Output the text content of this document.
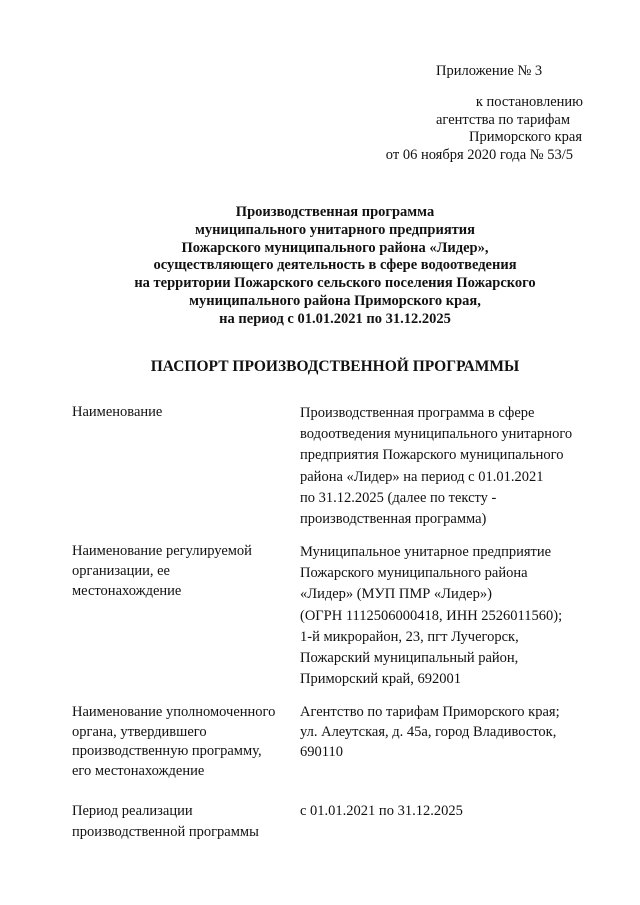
Приложение № 3
к постановлению
агентства по тарифам
Приморского края
от 06 ноября 2020 года № 53/5
Производственная программа
муниципального унитарного предприятия
Пожарского муниципального района «Лидер»,
осуществляющего деятельность в сфере водоотведения
на территории Пожарского сельского поселения Пожарского
муниципального района Приморского края,
на период с 01.01.2021 по 31.12.2025
ПАСПОРТ ПРОИЗВОДСТВЕННОЙ ПРОГРАММЫ
Наименование	Производственная программа в сфере
водоотведения муниципального унитарного
предприятия Пожарского муниципального
района «Лидер» на период с 01.01.2021
по 31.12.2025 (далее по тексту -
производственная программа)
Наименование регулируемой
организации, ее
местонахождение
Муниципальное унитарное предприятие
Пожарского муниципального района
«Лидер» (МУП ПМР «Лидер»)
(ОГРН 1112506000418, ИНН 2526011560);
1-й микрорайон, 23, пгт Лучегорск,
Пожарский муниципальный район,
Приморский край, 692001
Наименование уполномоченного
органа, утвердившего
производственную программу,
его местонахождение
Агентство по тарифам Приморского края;
ул. Алеутская, д. 45а, город Владивосток,
690110
Период реализации
производственной программы
с 01.01.2021 по 31.12.2025
